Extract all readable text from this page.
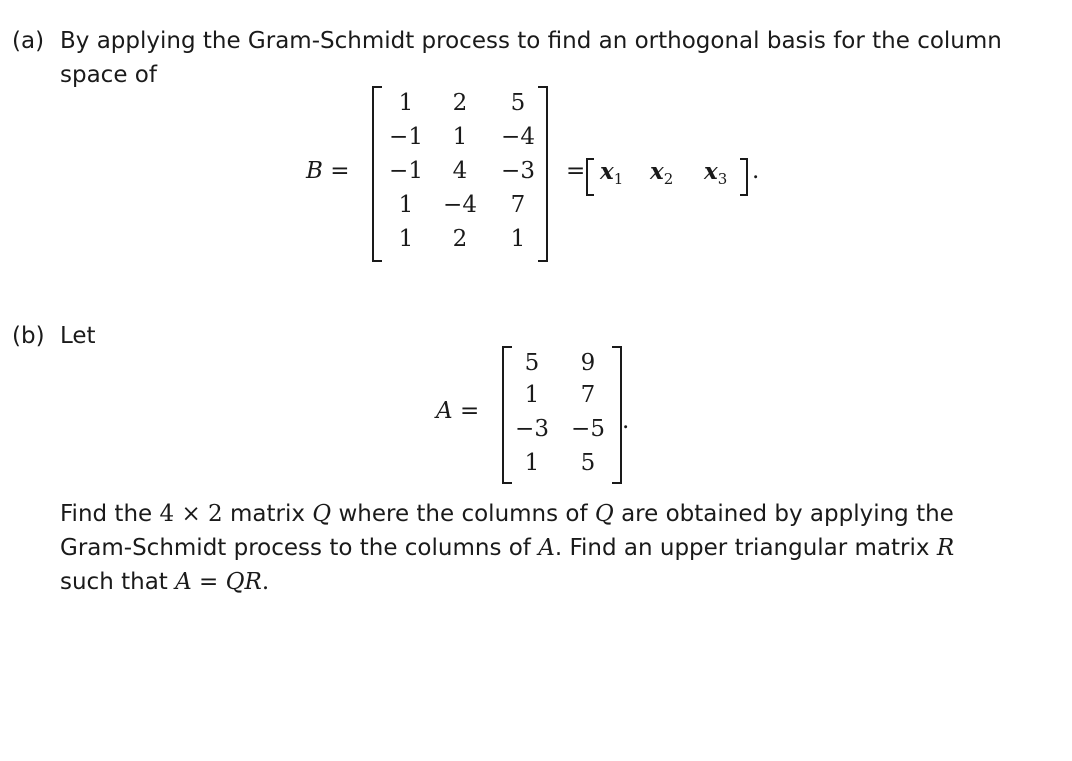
(a) By applying the Gram-Schmidt process to find an orthogonal basis for the column
space of
B =
1	2	5
−1	1	−4
−1	4	−3
1	−4	7
1	2	1
= $x_1$ $x_2$ $x_3$ .
(b) Let
A =
5	9
1	7
−3 −5
1	5
.
Find the 4 × 2 matrix Q where the columns of Q are obtained by applying the
Gram-Schmidt process to the columns of A. Find an upper triangular matrix R
such that A = QR.
